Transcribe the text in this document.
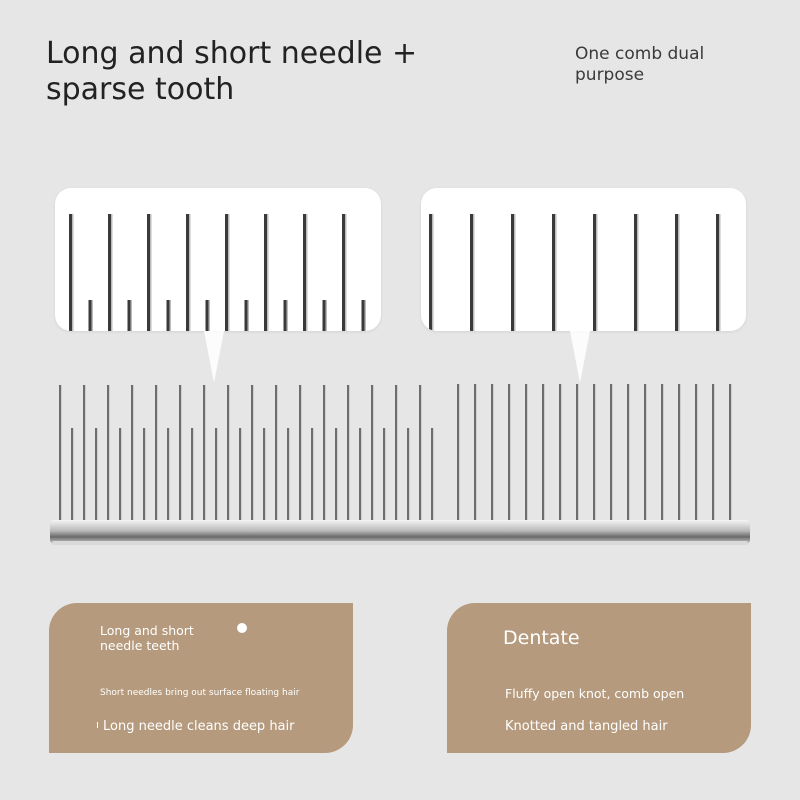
Long and short needle + sparse tooth

One comb dual purpose

Long and short needle teeth

Short needles bring out surface floating hair

Long needle cleans deep hair

Dentate

Fluffy open knot, comb open

Knotted and tangled hair
